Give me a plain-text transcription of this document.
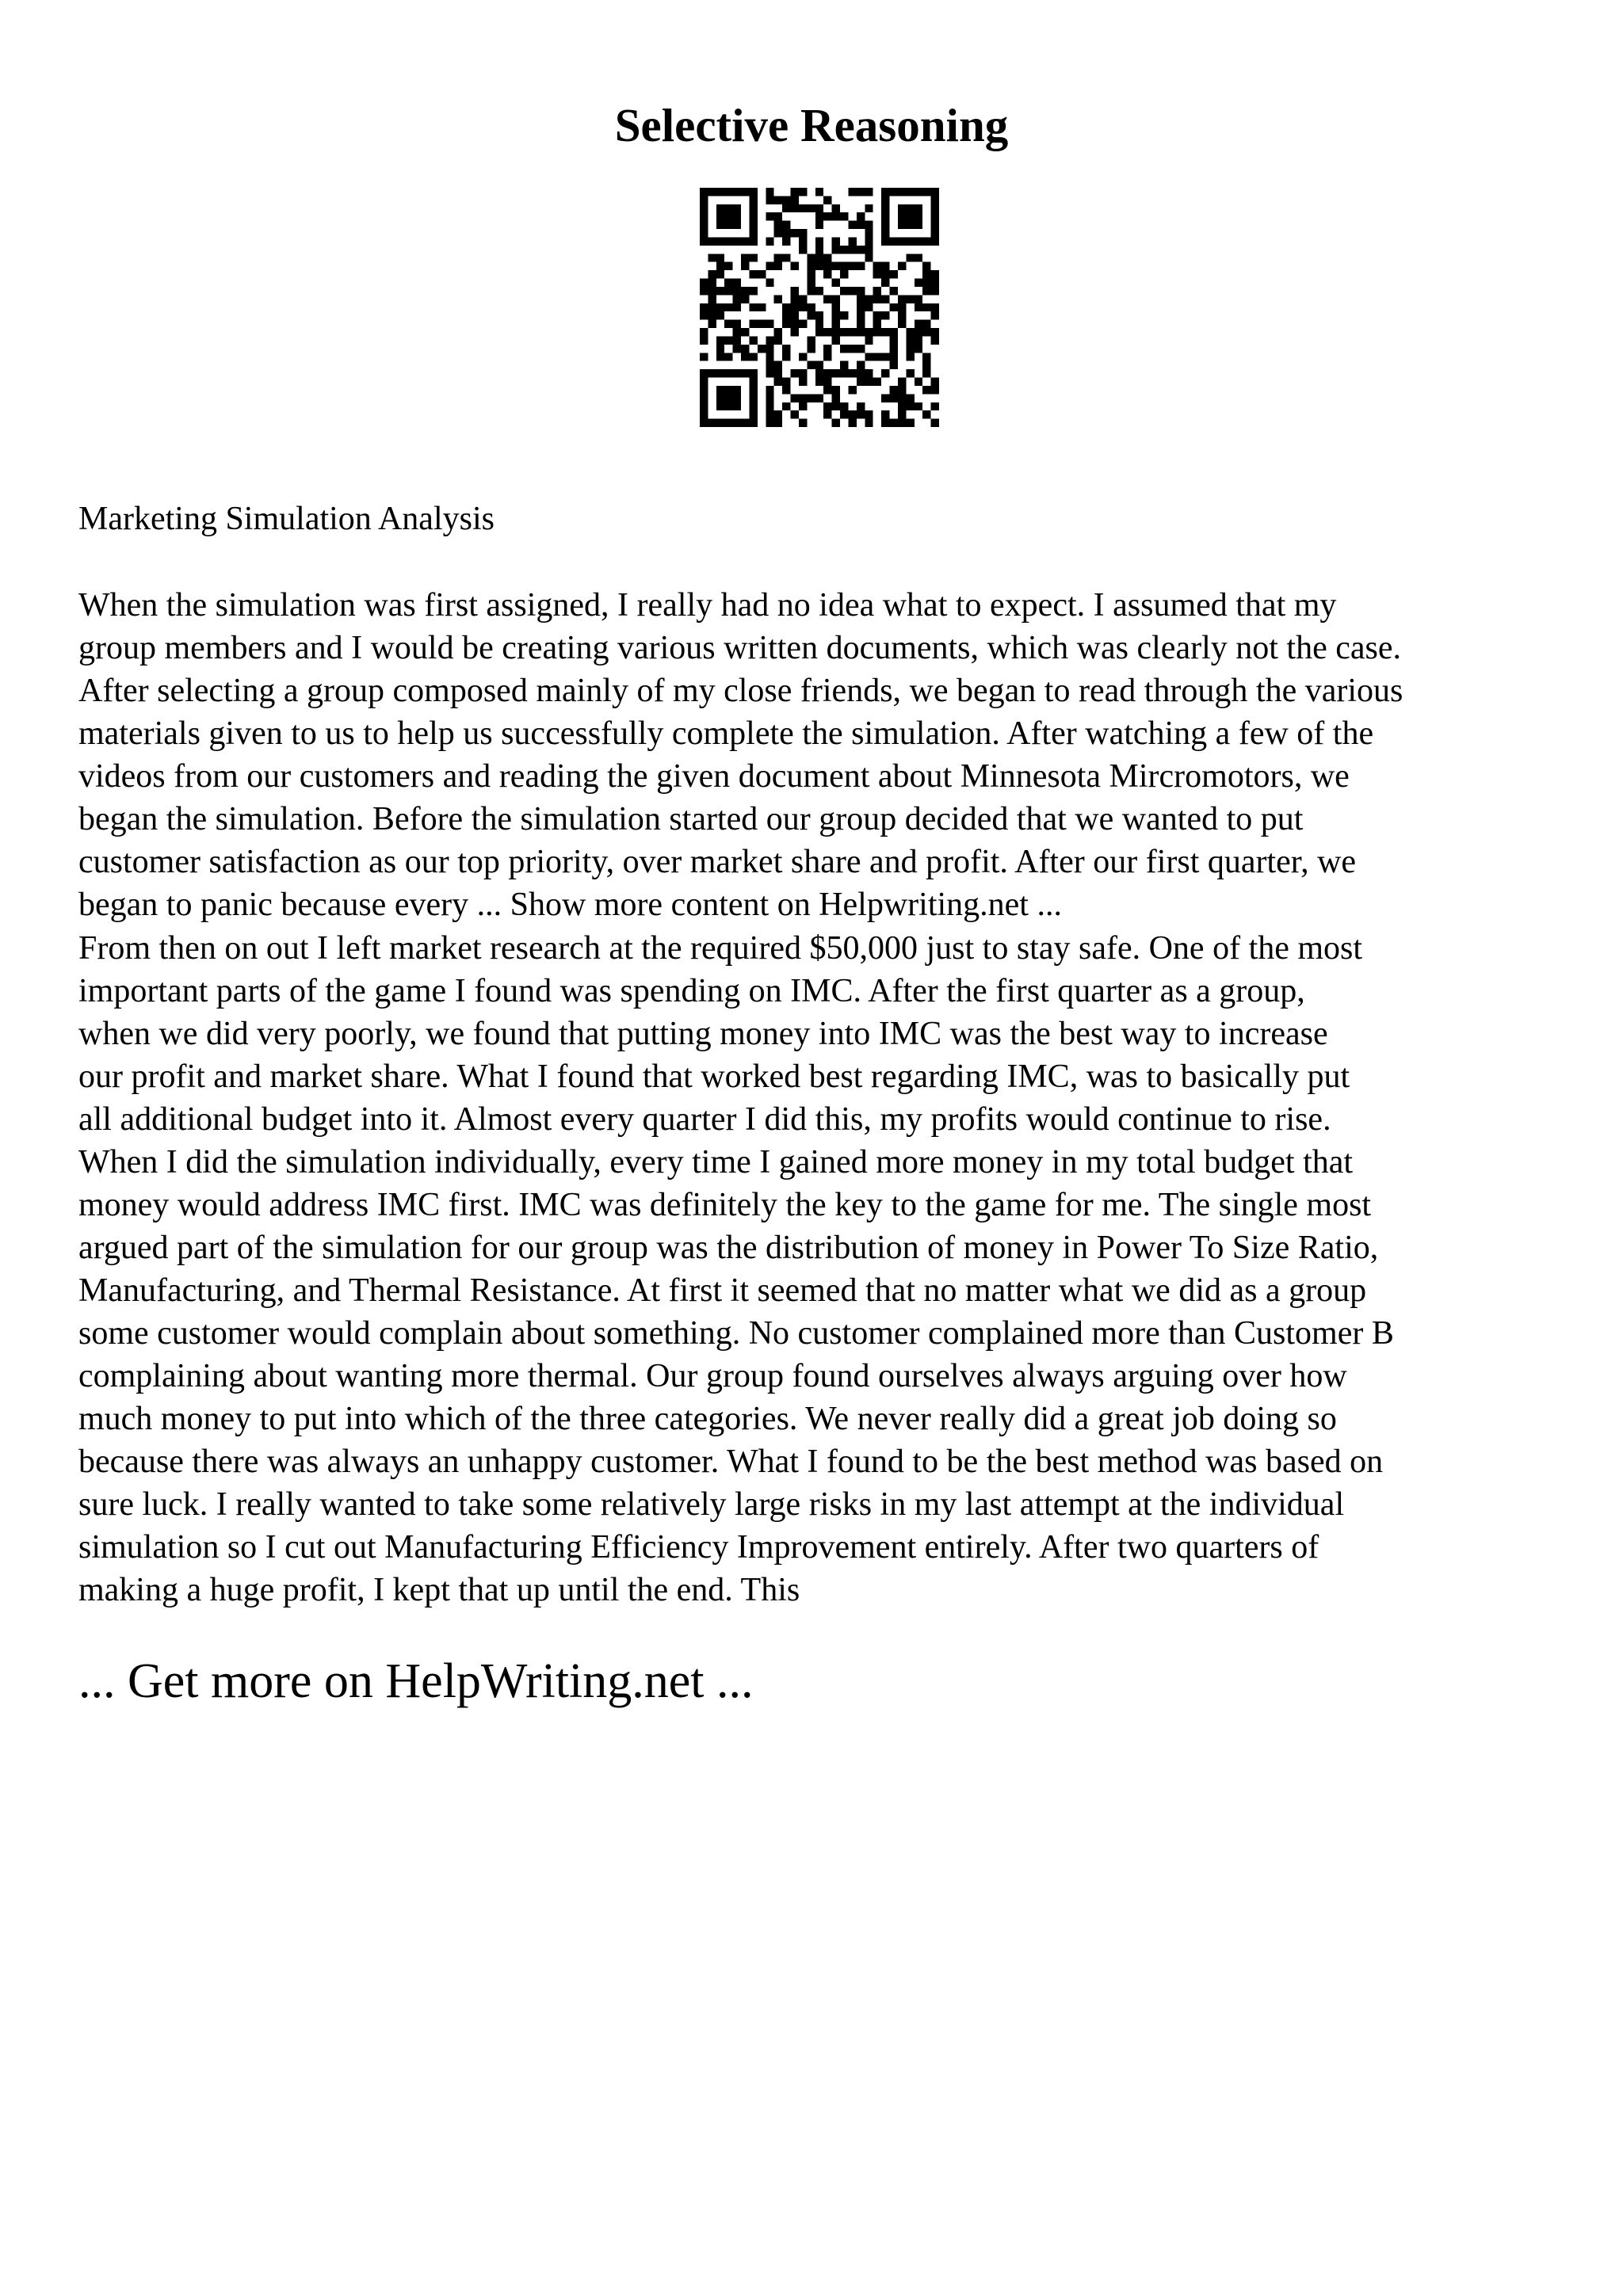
Selective Reasoning

Marketing Simulation Analysis

When the simulation was first assigned, I really had no idea what to expect. I assumed that my
group members and I would be creating various written documents, which was clearly not the case.
After selecting a group composed mainly of my close friends, we began to read through the various
materials given to us to help us successfully complete the simulation. After watching a few of the
videos from our customers and reading the given document about Minnesota Mircromotors, we
began the simulation. Before the simulation started our group decided that we wanted to put
customer satisfaction as our top priority, over market share and profit. After our first quarter, we
began to panic because every ... Show more content on Helpwriting.net ...

From then on out I left market research at the required $50,000 just to stay safe. One of the most
important parts of the game I found was spending on IMC. After the first quarter as a group,
when we did very poorly, we found that putting money into IMC was the best way to increase
our profit and market share. What I found that worked best regarding IMC, was to basically put
all additional budget into it. Almost every quarter I did this, my profits would continue to rise.
When I did the simulation individually, every time I gained more money in my total budget that
money would address IMC first. IMC was definitely the key to the game for me. The single most
argued part of the simulation for our group was the distribution of money in Power To Size Ratio,
Manufacturing, and Thermal Resistance. At first it seemed that no matter what we did as a group
some customer would complain about something. No customer complained more than Customer B
complaining about wanting more thermal. Our group found ourselves always arguing over how
much money to put into which of the three categories. We never really did a great job doing so
because there was always an unhappy customer. What I found to be the best method was based on
sure luck. I really wanted to take some relatively large risks in my last attempt at the individual
simulation so I cut out Manufacturing Efficiency Improvement entirely. After two quarters of
making a huge profit, I kept that up until the end. This

... Get more on HelpWriting.net ...
